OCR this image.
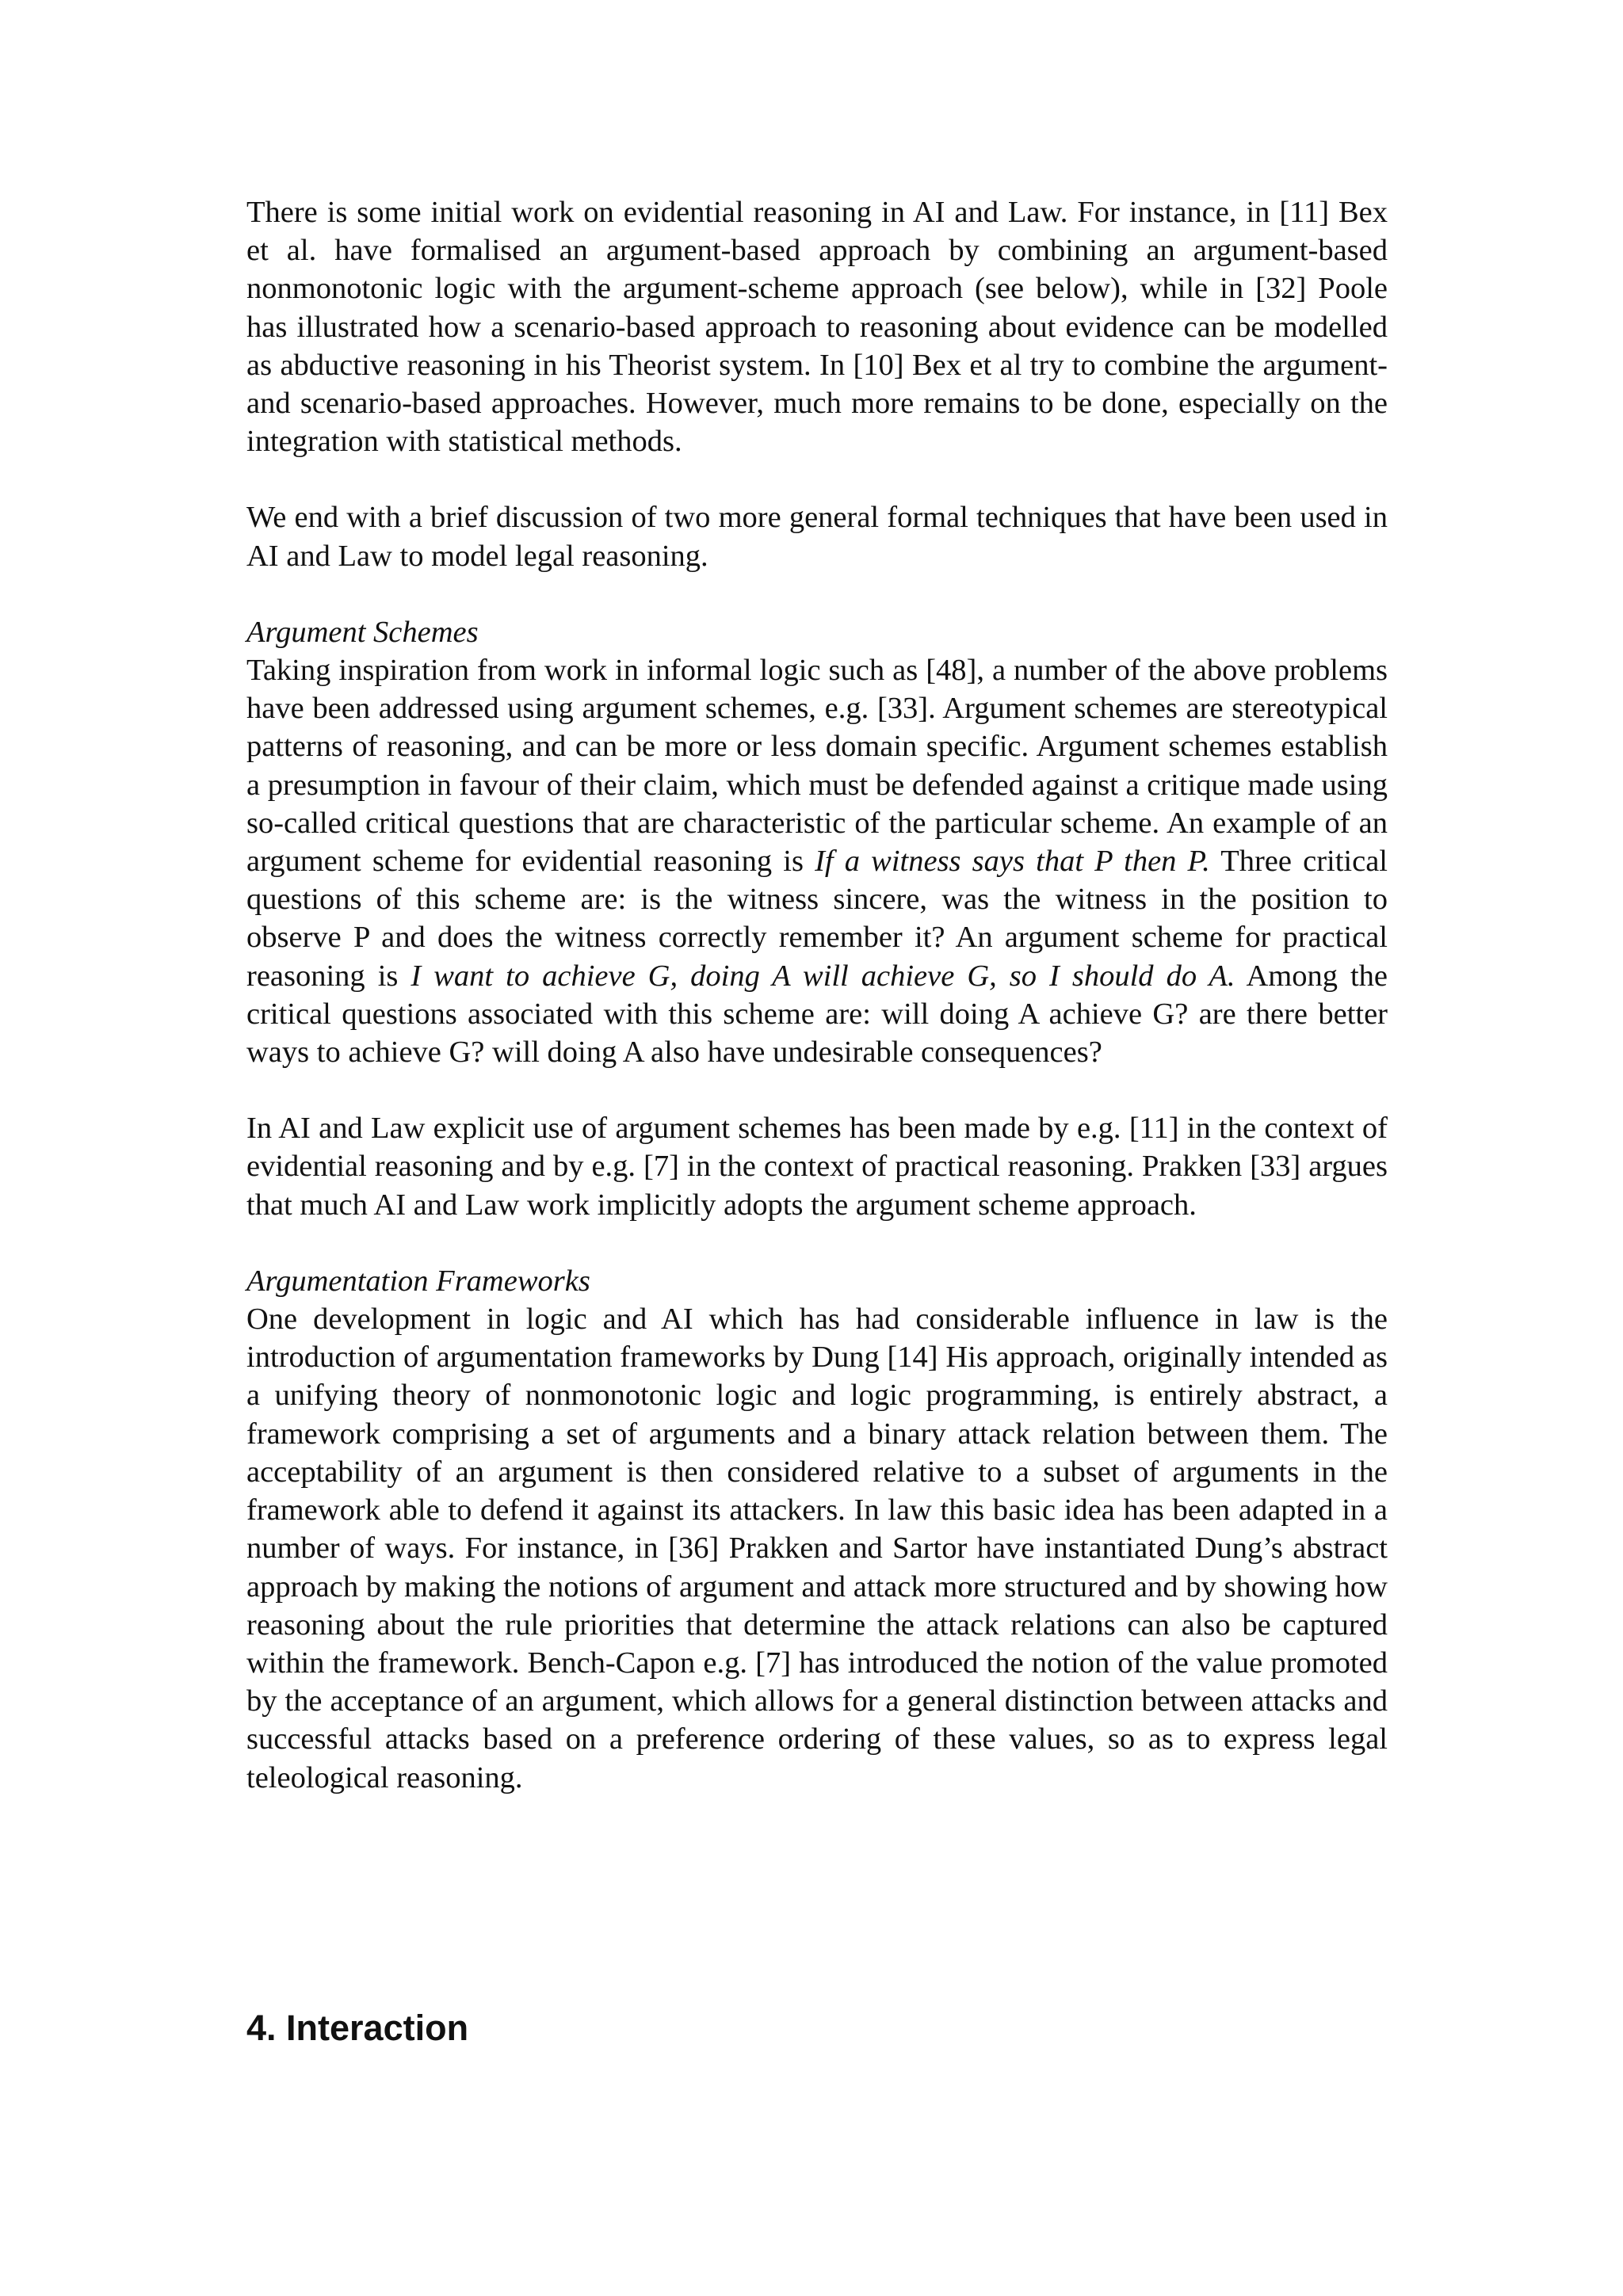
There is some initial work on evidential reasoning in AI and Law. For instance, in [11] Bex et al. have formalised an argument-based approach by combining an argument-based nonmonotonic logic with the argument-scheme approach (see below), while in [32] Poole has illustrated how a scenario-based approach to reasoning about evidence can be modelled as abductive reasoning in his Theorist system. In [10] Bex et al try to combine the argument- and scenario-based approaches. However, much more remains to be done, especially on the integration with statistical methods.

We end with a brief discussion of two more general formal techniques that have been used in AI and Law to model legal reasoning.

Argument Schemes

Taking inspiration from work in informal logic such as [48], a number of the above problems have been addressed using argument schemes, e.g. [33]. Argument schemes are stereotypical patterns of reasoning, and can be more or less domain specific. Argument schemes establish a presumption in favour of their claim, which must be defended against a critique made using so-called critical questions that are characteristic of the particular scheme. An example of an argument scheme for evidential reasoning is If a witness says that P then P. Three critical questions of this scheme are: is the witness sincere, was the witness in the position to observe P and does the witness correctly remember it? An argument scheme for practical reasoning is I want to achieve G, doing A will achieve G, so I should do A. Among the critical questions associated with this scheme are: will doing A achieve G? are there better ways to achieve G? will doing A also have undesirable consequences?

In AI and Law explicit use of argument schemes has been made by e.g. [11] in the context of evidential reasoning and by e.g. [7] in the context of practical reasoning. Prakken [33] argues that much AI and Law work implicitly adopts the argument scheme approach.

Argumentation Frameworks

One development in logic and AI which has had considerable influence in law is the introduction of argumentation frameworks by Dung [14] His approach, originally intended as a unifying theory of nonmonotonic logic and logic programming, is entirely abstract, a framework comprising a set of arguments and a binary attack relation between them. The acceptability of an argument is then considered relative to a subset of arguments in the framework able to defend it against its attackers. In law this basic idea has been adapted in a number of ways. For instance, in [36] Prakken and Sartor have instantiated Dung’s abstract approach by making the notions of argument and attack more structured and by showing how reasoning about the rule priorities that determine the attack relations can also be captured within the framework. Bench-Capon e.g. [7] has introduced the notion of the value promoted by the acceptance of an argument, which allows for a general distinction between attacks and successful attacks based on a preference ordering of these values, so as to express legal teleological reasoning.

4. Interaction
